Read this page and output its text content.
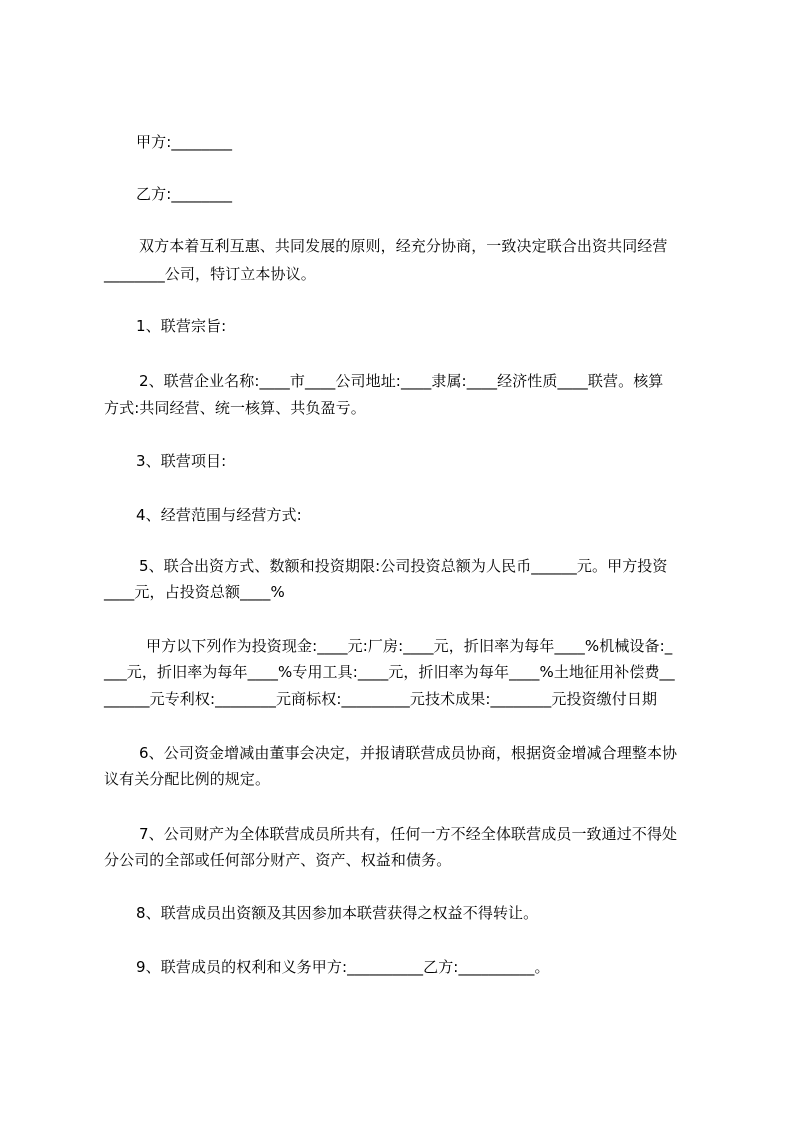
甲方:________
乙方:________
双方本着互利互惠、共同发展的原则，经充分协商，一致决定联合出资共同经营
________公司，特订立本协议。
1、联营宗旨:
2、联营企业名称:____市____公司地址:____隶属:____经济性质____联营。核算
方式:共同经营、统一核算、共负盈亏。
3、联营项目:
4、经营范围与经营方式:
5、联合出资方式、数额和投资期限:公司投资总额为人民币______元。甲方投资
____元，占投资总额____%
甲方以下列作为投资现金:____元:厂房:____元，折旧率为每年____%机械设备:_
___元，折旧率为每年____%专用工具:____元，折旧率为每年____%土地征用补偿费__
______元专利权:________元商标权:_________元技术成果:________元投资缴付日期
6、公司资金增减由董事会决定，并报请联营成员协商，根据资金增减合理整本协
议有关分配比例的规定。
7、公司财产为全体联营成员所共有，任何一方不经全体联营成员一致通过不得处
分公司的全部或任何部分财产、资产、权益和债务。
8、联营成员出资额及其因参加本联营获得之权益不得转让。
9、联营成员的权利和义务甲方:__________乙方:__________。
